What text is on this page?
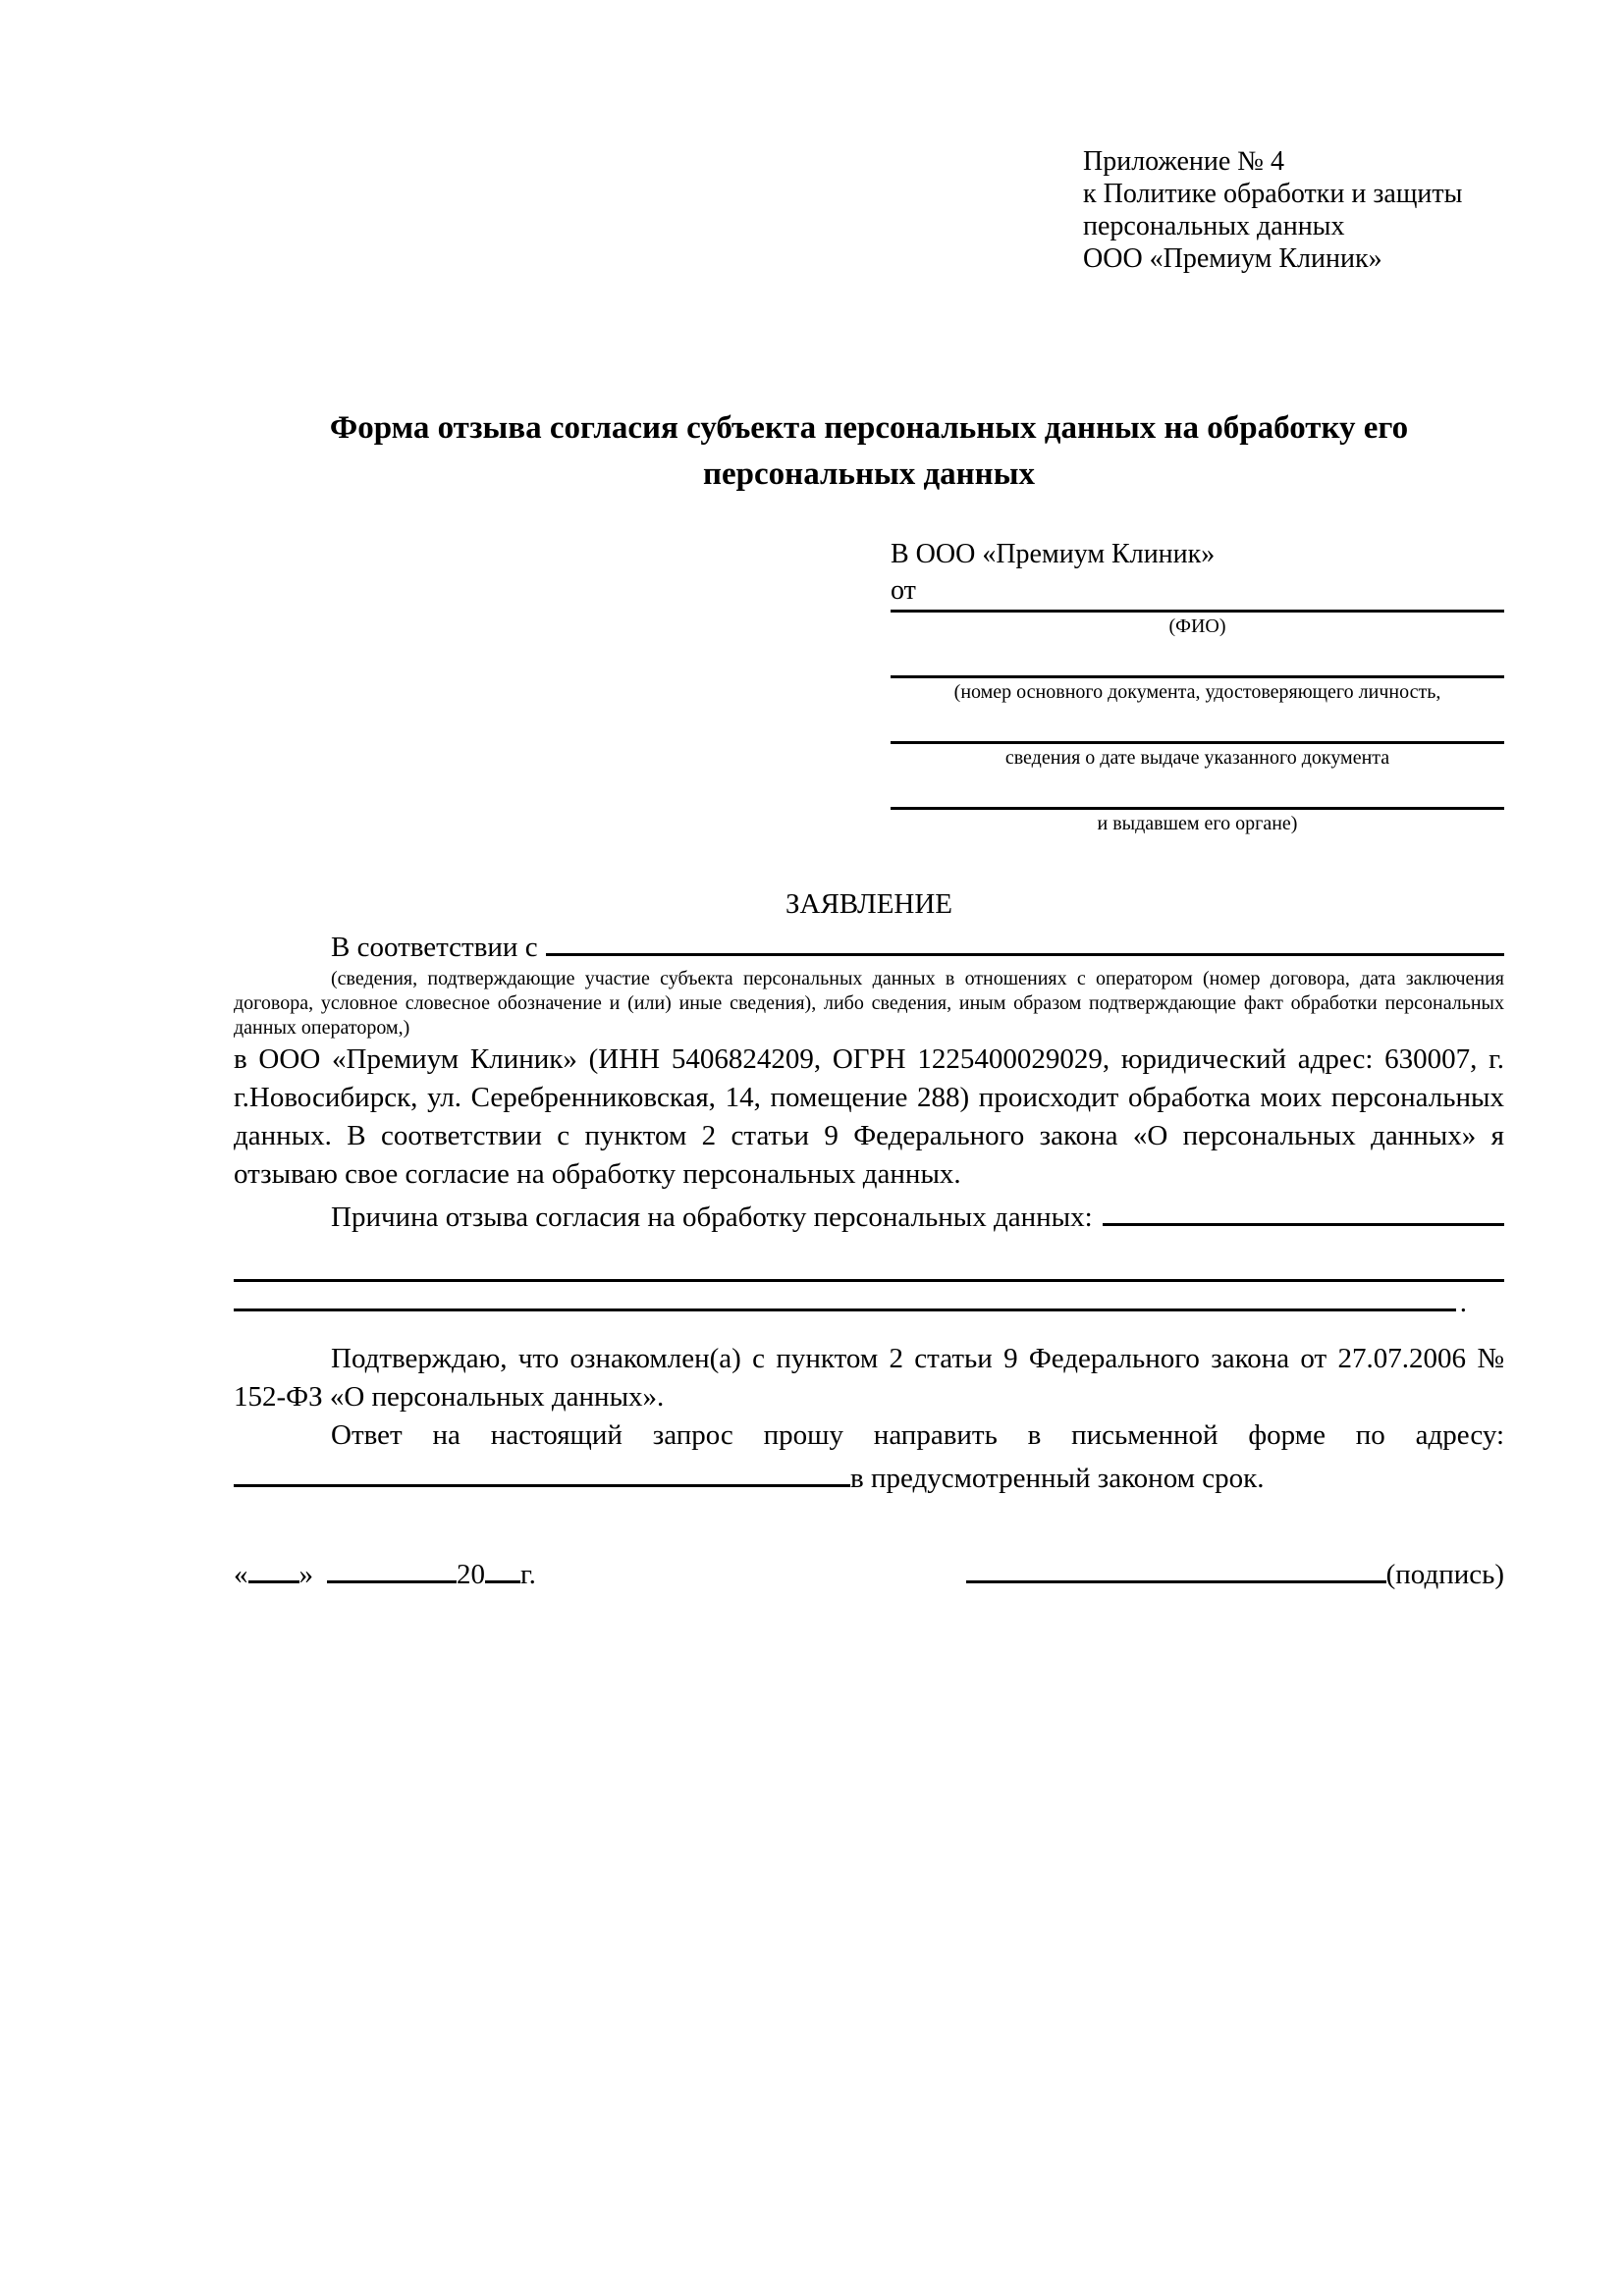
Приложение № 4
к Политике обработки и защиты
персональных данных
ООО «Премиум Клиник»
Форма отзыва согласия субъекта персональных данных на обработку его персональных данных
В ООО «Премиум Клиник»
от
(ФИО)
(номер основного документа, удостоверяющего личность,
сведения о дате выдаче указанного документа
и выдавшем его органе)
ЗАЯВЛЕНИЕ
В соответствии с
(сведения, подтверждающие участие субъекта персональных данных в отношениях с оператором (номер договора, дата заключения договора, условное словесное обозначение и (или) иные сведения), либо сведения, иным образом подтверждающие факт обработки персональных данных оператором,)
в ООО «Премиум Клиник» (ИНН 5406824209, ОГРН 1225400029029, юридический адрес: 630007, г. г.Новосибирск, ул. Серебренниковская, 14, помещение 288) происходит обработка моих персональных данных. В соответствии с пунктом 2 статьи 9 Федерального закона «О персональных данных» я отзываю свое согласие на обработку персональных данных.
Причина отзыва согласия на обработку персональных данных:
.
Подтверждаю, что ознакомлен(а) с пунктом 2 статьи 9 Федерального закона от 27.07.2006 № 152-ФЗ «О персональных данных».
Ответ на настоящий запрос прошу направить в письменной форме по адресу:
в предусмотренный законом срок.
« »	20 г.	(подпись)
